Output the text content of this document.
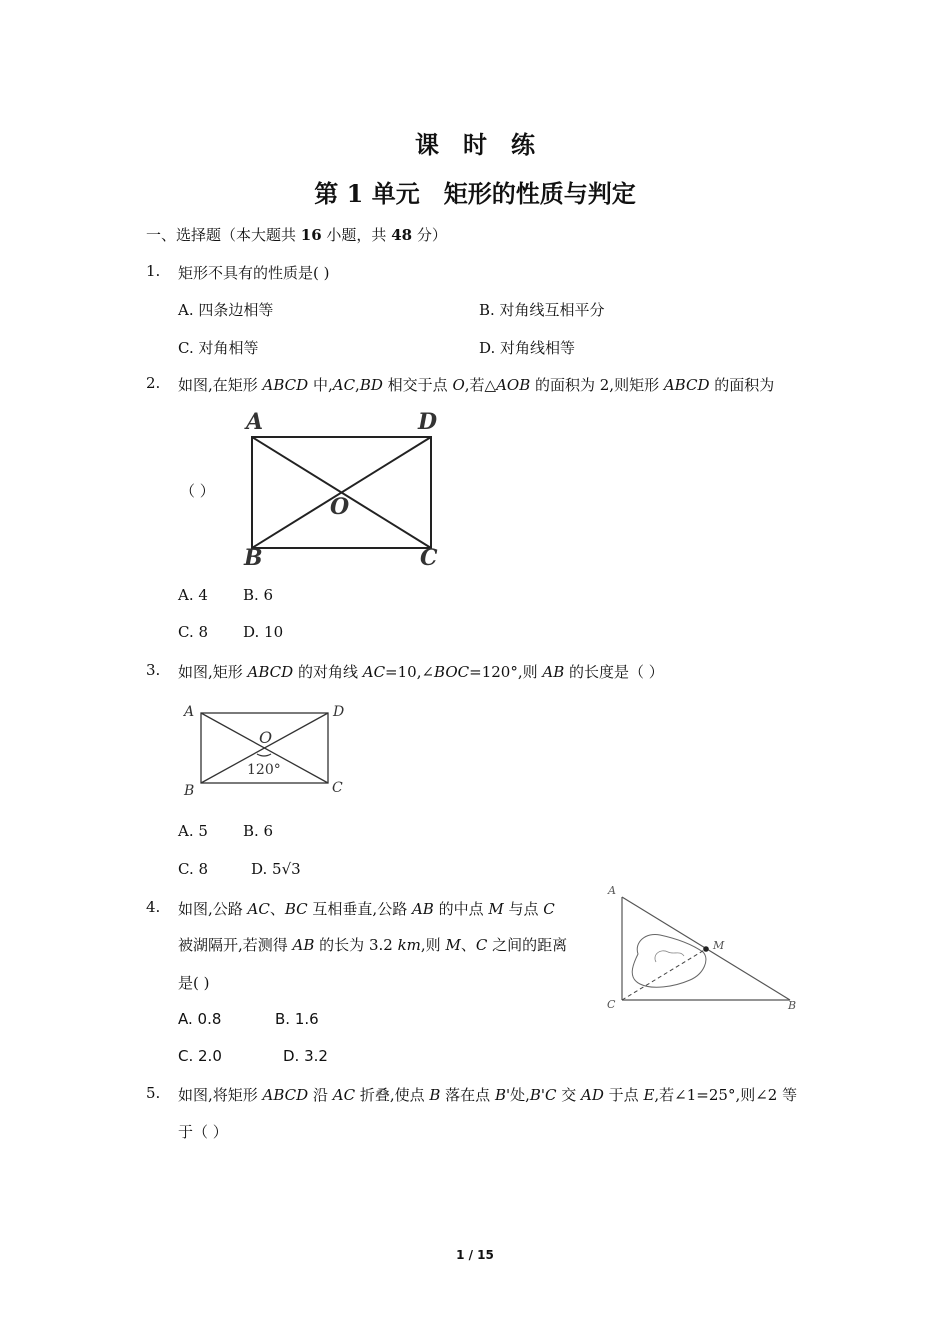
课　时　练
第 1 单元　矩形的性质与判定
一、选择题（本大题共 16 小题，共 48 分）
1. 矩形不具有的性质是( )
A. 四条边相等	B. 对角线互相平分
C. 对角相等	D. 对角线相等
2. 如图,在矩形 ABCD 中,AC,BD 相交于点 O,若△AOB 的面积为 2,则矩形 ABCD 的面积为
（ ）
A	D
B	C
O
A. 4 B. 6
C. 8 D. 10
3. 如图,矩形 ABCD 的对角线 AC=10,∠BOC=120°,则 AB 的长度是（ ）
A	D
B	C
O
120°
A. 5 B. 6
C. 8	D. 5√3
4. 如图,公路 AC、BC 互相垂直,公路 AB 的中点 M 与点 C
被湖隔开,若测得 AB 的长为 3.2 km,则 M、C 之间的距离
是( )
A
C	B
M
A. 0.8	B. 1.6
C. 2.0	D. 3.2
5. 如图,将矩形 ABCD 沿 AC 折叠,使点 B 落在点 B'处,B'C 交 AD 于点 E,若∠1=25°,则∠2 等
于（ ）
1 / 15
